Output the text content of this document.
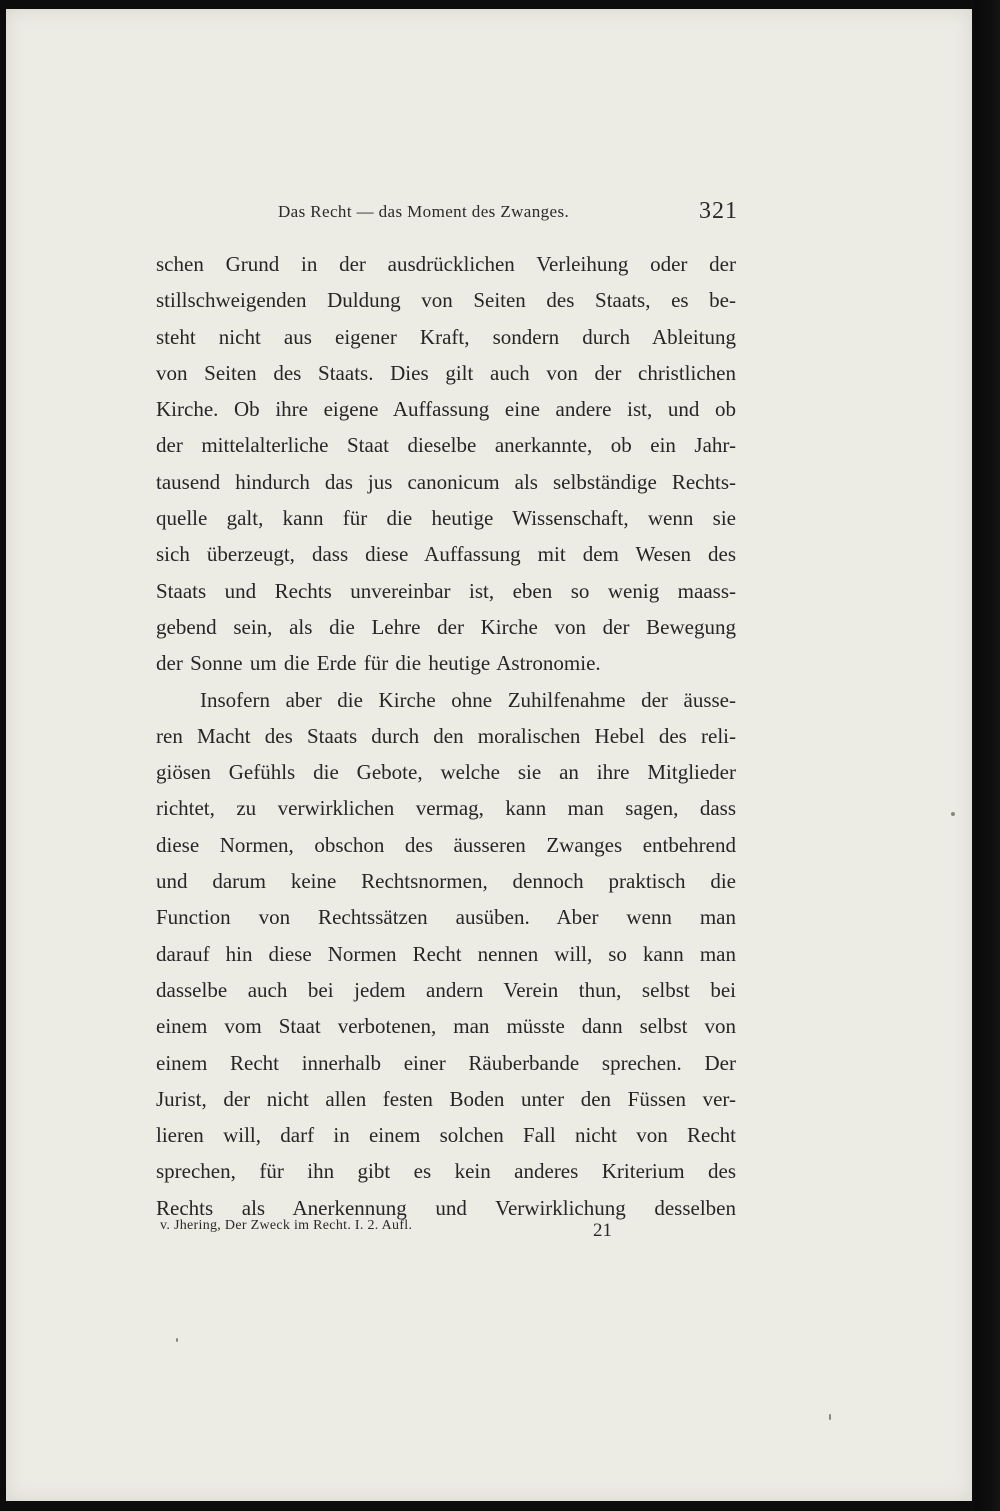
Das Recht — das Moment des Zwanges.	321
schen Grund in der ausdrücklichen Verleihung oder der
stillschweigenden Duldung von Seiten des Staats, es be-
steht nicht aus eigener Kraft, sondern durch Ableitung
von Seiten des Staats. Dies gilt auch von der christlichen
Kirche. Ob ihre eigene Auffassung eine andere ist, und ob
der mittelalterliche Staat dieselbe anerkannte, ob ein Jahr-
tausend hindurch das jus canonicum als selbständige Rechts-
quelle galt, kann für die heutige Wissenschaft, wenn sie
sich überzeugt, dass diese Auffassung mit dem Wesen des
Staats und Rechts unvereinbar ist, eben so wenig maass-
gebend sein, als die Lehre der Kirche von der Bewegung
der Sonne um die Erde für die heutige Astronomie.
Insofern aber die Kirche ohne Zuhilfenahme der äusse-
ren Macht des Staats durch den moralischen Hebel des reli-
giösen Gefühls die Gebote, welche sie an ihre Mitglieder
richtet, zu verwirklichen vermag, kann man sagen, dass
diese Normen, obschon des äusseren Zwanges entbehrend
und darum keine Rechtsnormen, dennoch praktisch die
Function von Rechtssätzen ausüben. Aber wenn man
darauf hin diese Normen Recht nennen will, so kann man
dasselbe auch bei jedem andern Verein thun, selbst bei
einem vom Staat verbotenen, man müsste dann selbst von
einem Recht innerhalb einer Räuberbande sprechen. Der
Jurist, der nicht allen festen Boden unter den Füssen ver-
lieren will, darf in einem solchen Fall nicht von Recht
sprechen, für ihn gibt es kein anderes Kriterium des
Rechts als Anerkennung und Verwirklichung desselben
v. Jhering, Der Zweck im Recht. I. 2. Aufl.	21
